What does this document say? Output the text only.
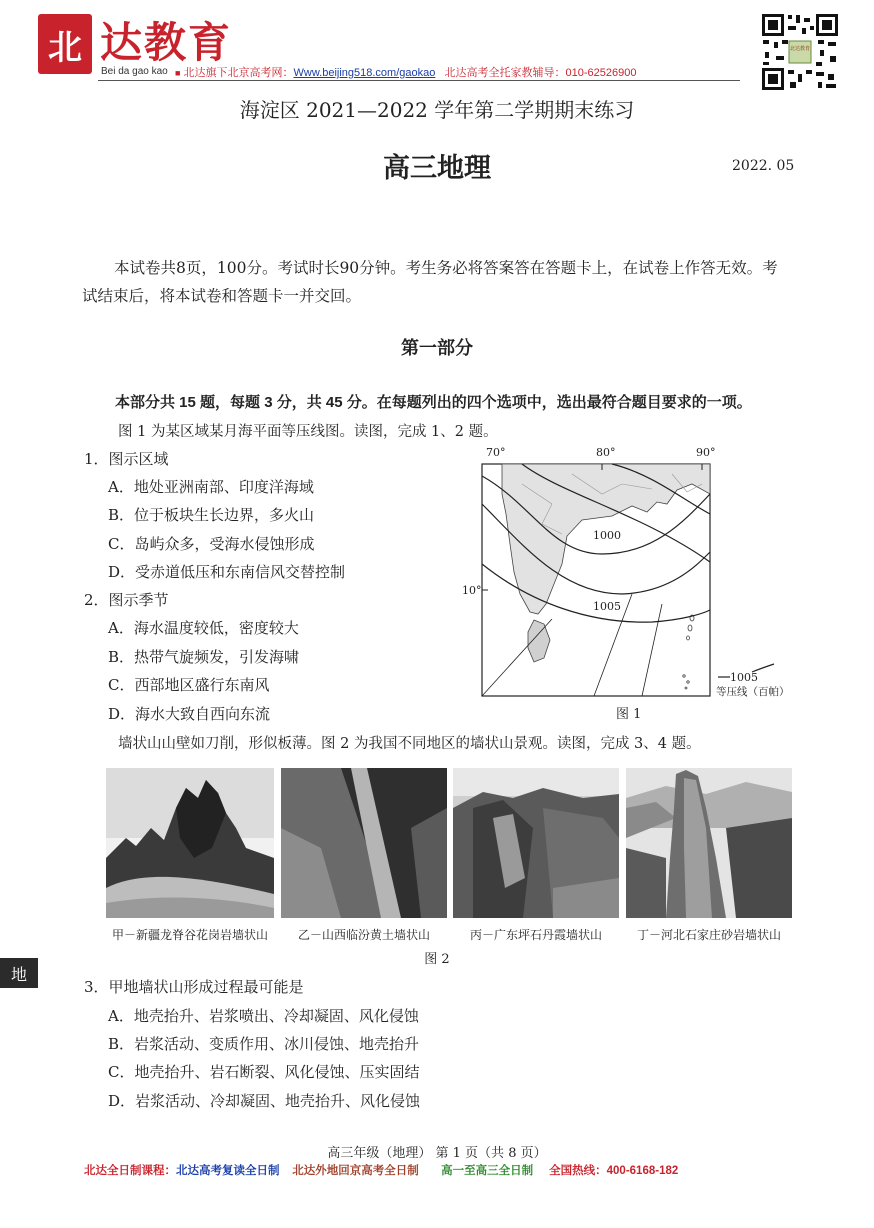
北 达教育
Bei da gao kao ■ 北达旗下北京高考网：Www.beijing518.com/gaokao 北达高考全托家教辅导：010-62526900
北达教育
海淀区 2021—2022 学年第二学期期末练习
高三地理	2022. 05
本试卷共8页，100分。考试时长90分钟。考生务必将答案答在答题卡上，在试卷上作答无效。考试结束后，将本试卷和答题卡一并交回。
第一部分
本部分共 15 题，每题 3 分，共 45 分。在每题列出的四个选项中，选出最符合题目要求的一项。
图 1 为某区域某月海平面等压线图。读图，完成 1、2 题。
1．图示区域
A．地处亚洲南部、印度洋海域
B．位于板块生长边界，多火山
C．岛屿众多，受海水侵蚀形成
D．受赤道低压和东南信风交替控制
2．图示季节
A．海水温度较低，密度较大
B．热带气旋频发，引发海啸
C．西部地区盛行东南风
D．海水大致自西向东流
70°	80°	90°
10°
1000
1005
1005
等压线（百帕）
图 1
墙状山山壁如刀削，形似板薄。图 2 为我国不同地区的墙状山景观。读图，完成 3、4 题。
甲－新疆龙脊谷花岗岩墙状山	乙－山西临汾黄土墙状山	丙－广东坪石丹霞墙状山	丁－河北石家庄砂岩墙状山
图 2
地
3．甲地墙状山形成过程最可能是
A．地壳抬升、岩浆喷出、冷却凝固、风化侵蚀
B．岩浆活动、变质作用、冰川侵蚀、地壳抬升
C．地壳抬升、岩石断裂、风化侵蚀、压实固结
D．岩浆活动、冷却凝固、地壳抬升、风化侵蚀
高三年级（地理） 第 1 页（共 8 页）
北达全日制课程：北达高考复读全日制 北达外地回京高考全日制 高一至高三全日制 全国热线：400-6168-182
